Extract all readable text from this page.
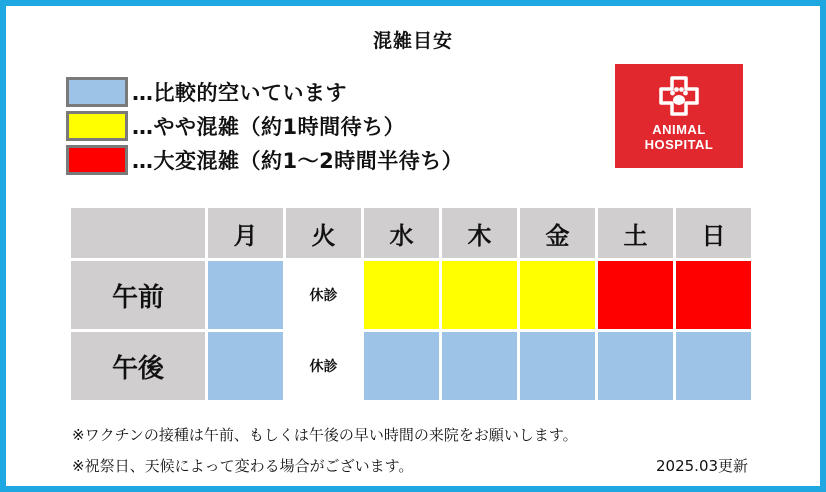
混雑目安
…比較的空いています
…やや混雑（約1時間待ち）
…大変混雑（約1～2時間半待ち）
ANIMAL
HOSPITAL
	月	火	水	木	金	土	日
午前		休診					
午後		休診					
※ワクチンの接種は午前、もしくは午後の早い時間の来院をお願いします。
※祝祭日、天候によって変わる場合がございます。	2025.03更新
